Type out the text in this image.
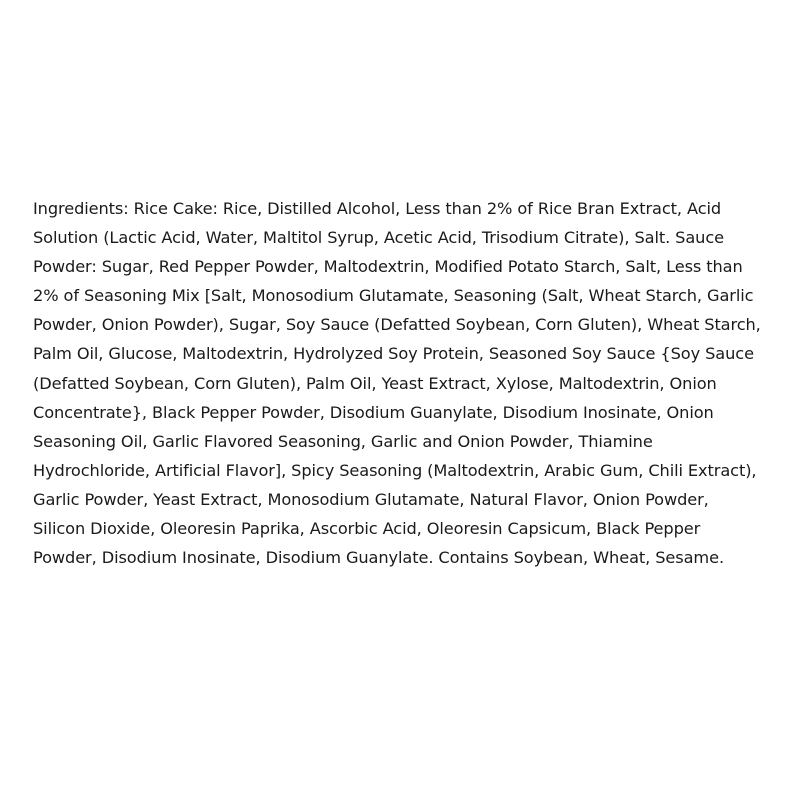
Ingredients: Rice Cake: Rice, Distilled Alcohol, Less than 2% of Rice Bran Extract, Acid
Solution (Lactic Acid, Water, Maltitol Syrup, Acetic Acid, Trisodium Citrate), Salt. Sauce
Powder: Sugar, Red Pepper Powder, Maltodextrin, Modified Potato Starch, Salt, Less than
2% of Seasoning Mix [Salt, Monosodium Glutamate, Seasoning (Salt, Wheat Starch, Garlic
Powder, Onion Powder), Sugar, Soy Sauce (Defatted Soybean, Corn Gluten), Wheat Starch,
Palm Oil, Glucose, Maltodextrin, Hydrolyzed Soy Protein, Seasoned Soy Sauce {Soy Sauce
(Defatted Soybean, Corn Gluten), Palm Oil, Yeast Extract, Xylose, Maltodextrin, Onion
Concentrate}, Black Pepper Powder, Disodium Guanylate, Disodium Inosinate, Onion
Seasoning Oil, Garlic Flavored Seasoning, Garlic and Onion Powder, Thiamine
Hydrochloride, Artificial Flavor], Spicy Seasoning (Maltodextrin, Arabic Gum, Chili Extract),
Garlic Powder, Yeast Extract, Monosodium Glutamate, Natural Flavor, Onion Powder,
Silicon Dioxide, Oleoresin Paprika, Ascorbic Acid, Oleoresin Capsicum, Black Pepper
Powder, Disodium Inosinate, Disodium Guanylate. Contains Soybean, Wheat, Sesame.
